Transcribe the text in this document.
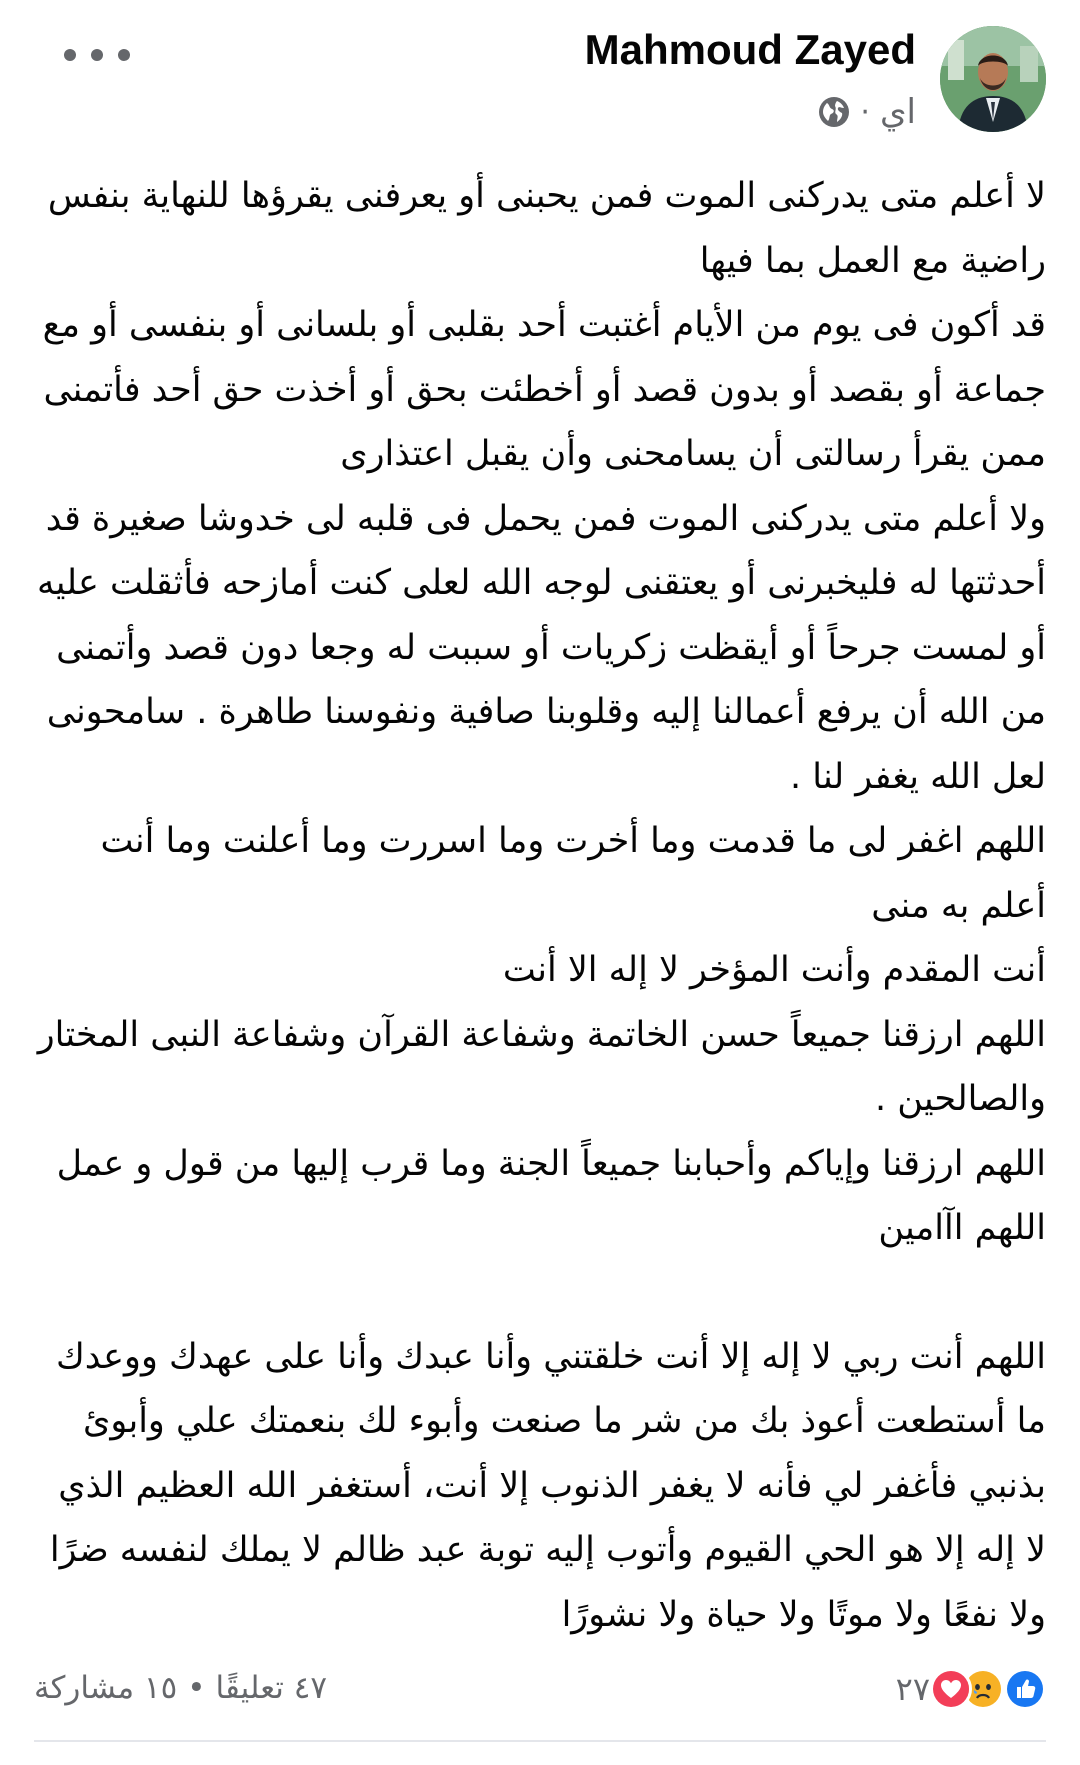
Mahmoud Zayed
اي
·

لا أعلم متى يدركنى الموت فمن يحبنى أو يعرفنى يقرؤها للنهاية بنفس راضية مع العمل بما فيها

قد أكون فى يوم من الأيام أغتبت أحد بقلبى أو بلسانى أو بنفسى أو مع جماعة أو بقصد أو بدون قصد أو أخطئت بحق أو أخذت حق أحد فأتمنى ممن يقرأ رسالتى أن يسامحنى وأن يقبل اعتذارى

ولا أعلم متى يدركنى الموت فمن يحمل فى قلبه لى خدوشا صغيرة قد أحدثتها له فليخبرنى أو يعتقنى لوجه الله لعلى كنت أمازحه فأثقلت عليه أو لمست جرحاً أو أيقظت زكريات أو سببت له وجعا دون قصد وأتمنى من الله أن يرفع أعمالنا إليه وقلوبنا صافية ونفوسنا طاهرة . سامحونى لعل الله يغفر لنا .

اللهم اغفر لى ما قدمت وما أخرت وما اسررت وما أعلنت وما أنت أعلم به منى

أنت المقدم وأنت المؤخر لا إله الا أنت

اللهم ارزقنا جميعاً حسن الخاتمة وشفاعة القرآن وشفاعة النبى المختار والصالحين .

اللهم ارزقنا وإياكم وأحبابنا جميعاً الجنة وما قرب إليها من قول و عمل اللهم اآامين

اللهم أنت ربي لا إله إلا أنت خلقتني وأنا عبدك وأنا على عهدك ووعدك ما أستطعت أعوذ بك من شر ما صنعت وأبوء لك بنعمتك علي وأبوئ بذنبي فأغفر لي فأنه لا يغفر الذنوب إلا أنت، أستغفر الله العظيم الذي لا إله إلا هو الحي القيوم وأتوب إليه توبة عبد ظالم لا يملك لنفسه ضرًا ولا نفعًا ولا موتًا ولا حياة ولا نشورًا

٢٧
٤٧ تعليقًا
•
١٥ مشاركة
